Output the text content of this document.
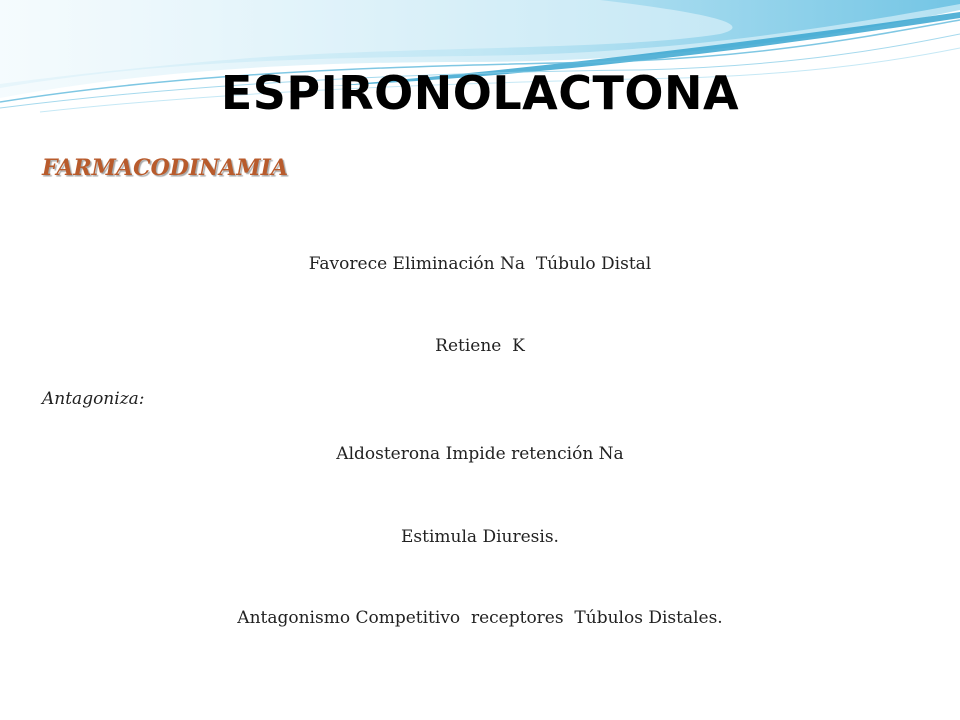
ESPIRONOLACTONA
FARMACODINAMIA

Favorece Eliminación Na  Túbulo Distal

Retiene  K

Antagoniza:

Aldosterona Impide retención Na

Estimula Diuresis.

Antagonismo Competitivo  receptores  Túbulos Distales.
